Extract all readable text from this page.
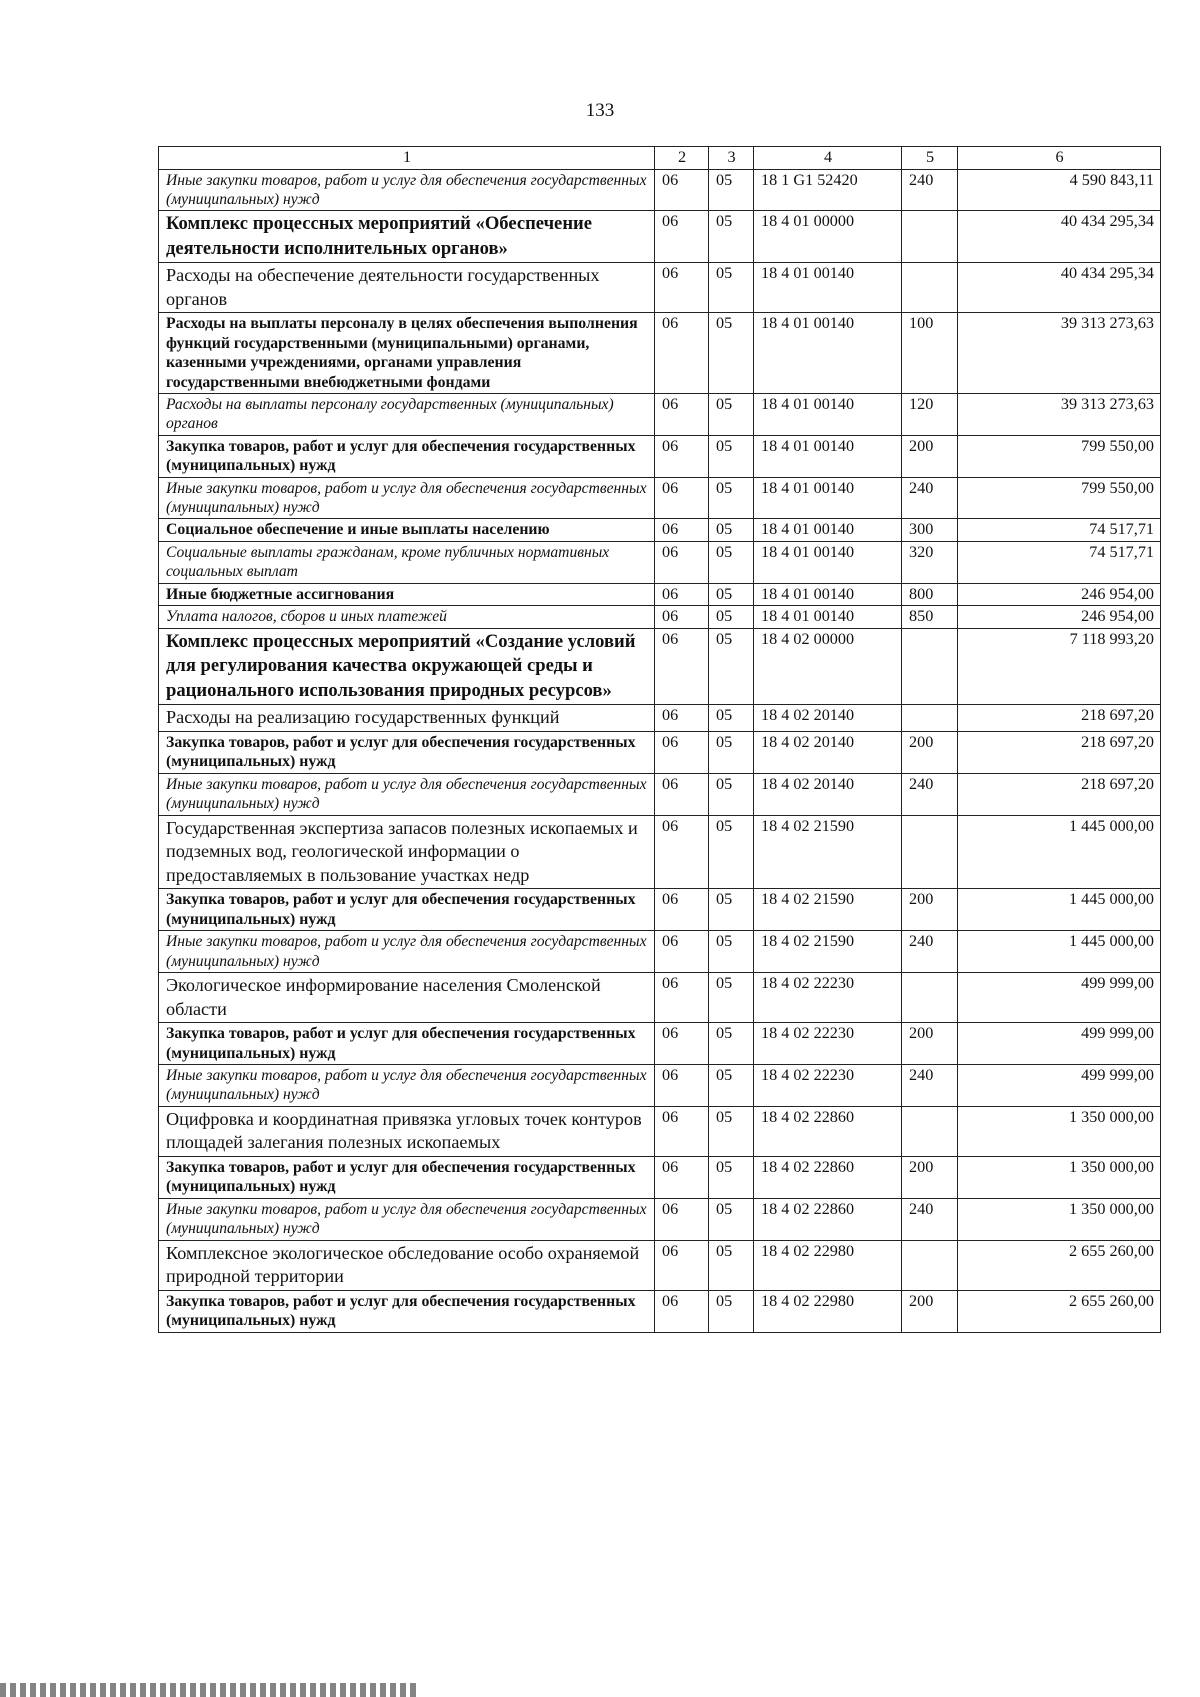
133
1	2	3	4	5	6
Иные закупки товаров, работ и услуг для обеспечения государственных (муниципальных) нужд	06	05	18 1 G1 52420	240	4 590 843,11
Комплекс процессных мероприятий «Обеспечение деятельности исполнительных органов»	06	05	18 4 01 00000		40 434 295,34
Расходы на обеспечение деятельности государственных органов	06	05	18 4 01 00140		40 434 295,34
Расходы на выплаты персоналу в целях обеспечения выполнения функций государственными (муниципальными) органами, казенными учреждениями, органами управления государственными внебюджетными фондами	06	05	18 4 01 00140	100	39 313 273,63
Расходы на выплаты персоналу государственных (муниципальных) органов	06	05	18 4 01 00140	120	39 313 273,63
Закупка товаров, работ и услуг для обеспечения государственных (муниципальных) нужд	06	05	18 4 01 00140	200	799 550,00
Иные закупки товаров, работ и услуг для обеспечения государственных (муниципальных) нужд	06	05	18 4 01 00140	240	799 550,00
Социальное обеспечение и иные выплаты населению	06	05	18 4 01 00140	300	74 517,71
Социальные выплаты гражданам, кроме публичных нормативных социальных выплат	06	05	18 4 01 00140	320	74 517,71
Иные бюджетные ассигнования	06	05	18 4 01 00140	800	246 954,00
Уплата налогов, сборов и иных платежей	06	05	18 4 01 00140	850	246 954,00
Комплекс процессных мероприятий «Создание условий для регулирования качества окружающей среды и рационального использования природных ресурсов»	06	05	18 4 02 00000		7 118 993,20
Расходы на реализацию государственных функций	06	05	18 4 02 20140		218 697,20
Закупка товаров, работ и услуг для обеспечения государственных (муниципальных) нужд	06	05	18 4 02 20140	200	218 697,20
Иные закупки товаров, работ и услуг для обеспечения государственных (муниципальных) нужд	06	05	18 4 02 20140	240	218 697,20
Государственная экспертиза запасов полезных ископаемых и подземных вод, геологической информации о предоставляемых в пользование участках недр	06	05	18 4 02 21590		1 445 000,00
Закупка товаров, работ и услуг для обеспечения государственных (муниципальных) нужд	06	05	18 4 02 21590	200	1 445 000,00
Иные закупки товаров, работ и услуг для обеспечения государственных (муниципальных) нужд	06	05	18 4 02 21590	240	1 445 000,00
Экологическое информирование населения Смоленской области	06	05	18 4 02 22230		499 999,00
Закупка товаров, работ и услуг для обеспечения государственных (муниципальных) нужд	06	05	18 4 02 22230	200	499 999,00
Иные закупки товаров, работ и услуг для обеспечения государственных (муниципальных) нужд	06	05	18 4 02 22230	240	499 999,00
Оцифровка и координатная привязка угловых точек контуров площадей залегания полезных ископаемых	06	05	18 4 02 22860		1 350 000,00
Закупка товаров, работ и услуг для обеспечения государственных (муниципальных) нужд	06	05	18 4 02 22860	200	1 350 000,00
Иные закупки товаров, работ и услуг для обеспечения государственных (муниципальных) нужд	06	05	18 4 02 22860	240	1 350 000,00
Комплексное экологическое обследование особо охраняемой природной территории	06	05	18 4 02 22980		2 655 260,00
Закупка товаров, работ и услуг для обеспечения государственных (муниципальных) нужд	06	05	18 4 02 22980	200	2 655 260,00
